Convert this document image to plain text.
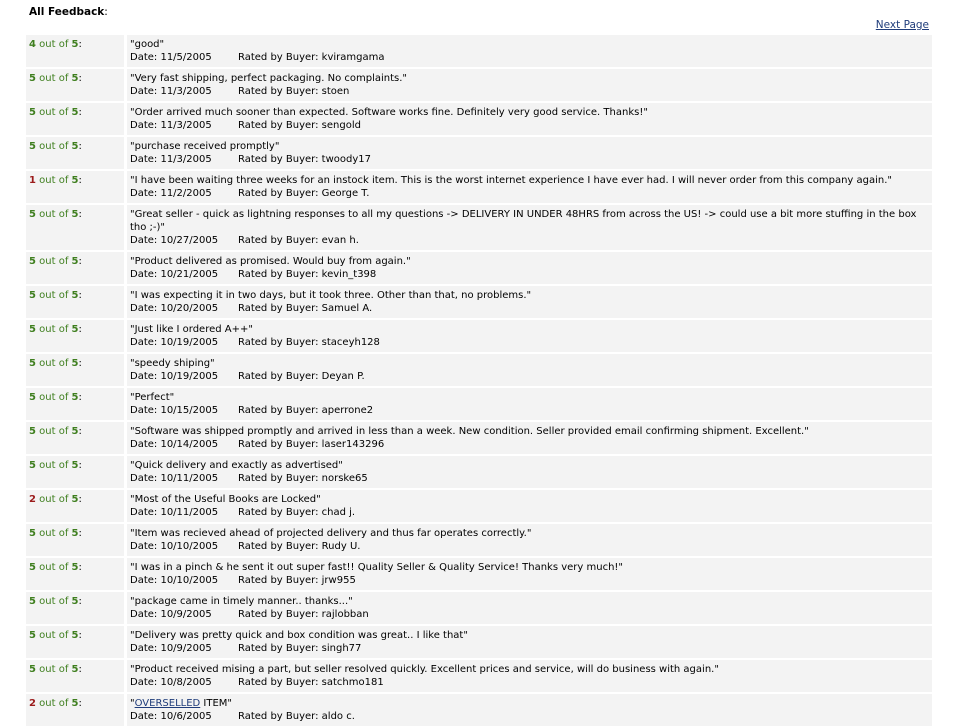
All Feedback:
Next Page
4 out of 5:	"good"
Date: 11/5/2005	Rated by Buyer: kviramgama
5 out of 5:	"Very fast shipping, perfect packaging. No complaints."
Date: 11/3/2005	Rated by Buyer: stoen
5 out of 5:	"Order arrived much sooner than expected. Software works fine. Definitely very good service. Thanks!"
Date: 11/3/2005	Rated by Buyer: sengold
5 out of 5:	"purchase received promptly"
Date: 11/3/2005	Rated by Buyer: twoody17
1 out of 5:	"I have been waiting three weeks for an instock item. This is the worst internet experience I have ever had. I will never order from this company again."
Date: 11/2/2005	Rated by Buyer: George T.
5 out of 5:	"Great seller - quick as lightning responses to all my questions -> DELIVERY IN UNDER 48HRS from across the US! -> could use a bit more stuffing in the box tho ;-)"
Date: 10/27/2005 Rated by Buyer: evan h.
5 out of 5:	"Product delivered as promised. Would buy from again."
Date: 10/21/2005 Rated by Buyer: kevin_t398
5 out of 5:	"I was expecting it in two days, but it took three. Other than that, no problems."
Date: 10/20/2005 Rated by Buyer: Samuel A.
5 out of 5:	"Just like I ordered A++"
Date: 10/19/2005 Rated by Buyer: staceyh128
5 out of 5:	"speedy shiping"
Date: 10/19/2005 Rated by Buyer: Deyan P.
5 out of 5:	"Perfect"
Date: 10/15/2005 Rated by Buyer: aperrone2
5 out of 5:	"Software was shipped promptly and arrived in less than a week. New condition. Seller provided email confirming shipment. Excellent."
Date: 10/14/2005 Rated by Buyer: laser143296
5 out of 5:	"Quick delivery and exactly as advertised"
Date: 10/11/2005 Rated by Buyer: norske65
2 out of 5:	"Most of the Useful Books are Locked"
Date: 10/11/2005 Rated by Buyer: chad j.
5 out of 5:	"Item was recieved ahead of projected delivery and thus far operates correctly."
Date: 10/10/2005 Rated by Buyer: Rudy U.
5 out of 5:	"I was in a pinch & he sent it out super fast!! Quality Seller & Quality Service! Thanks very much!"
Date: 10/10/2005 Rated by Buyer: jrw955
5 out of 5:	"package came in timely manner.. thanks..."
Date: 10/9/2005	Rated by Buyer: rajlobban
5 out of 5:	"Delivery was pretty quick and box condition was great.. I like that"
Date: 10/9/2005	Rated by Buyer: singh77
5 out of 5:	"Product received mising a part, but seller resolved quickly. Excellent prices and service, will do business with again."
Date: 10/8/2005	Rated by Buyer: satchmo181
2 out of 5:	"OVERSELLED ITEM"
Date: 10/6/2005	Rated by Buyer: aldo c.
